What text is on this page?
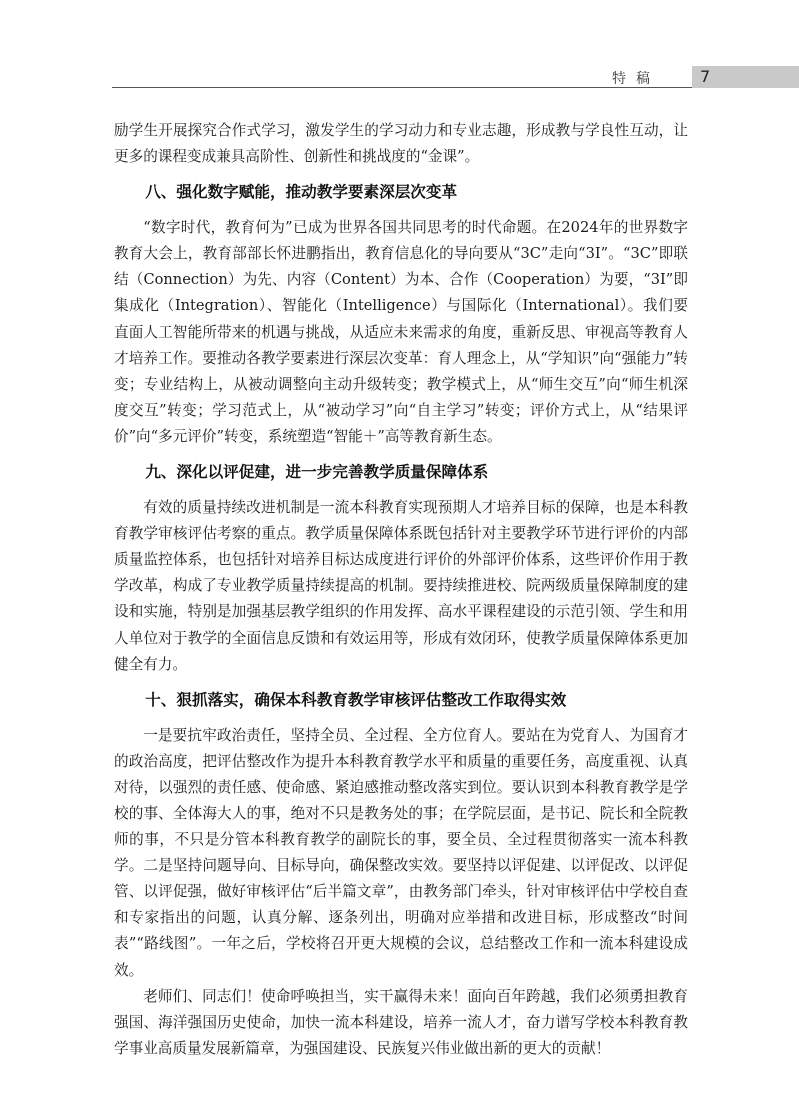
特稿	7

励学生开展探究合作式学习，激发学生的学习动力和专业志趣，形成教与学良性互动，让更多的课程变成兼具高阶性、创新性和挑战度的“金课”。

八、强化数字赋能，推动教学要素深层次变革

“数字时代，教育何为”已成为世界各国共同思考的时代命题。在2024年的世界数字教育大会上，教育部部长怀进鹏指出，教育信息化的导向要从“3C”走向“3I”。“3C”即联结（Connection）为先、内容（Content）为本、合作（Cooperation）为要，“3I”即集成化（Integration）、智能化（Intelligence）与国际化（International）。我们要直面人工智能所带来的机遇与挑战，从适应未来需求的角度，重新反思、审视高等教育人才培养工作。要推动各教学要素进行深层次变革：育人理念上，从“学知识”向“强能力”转变；专业结构上，从被动调整向主动升级转变；教学模式上，从“师生交互”向“师生机深度交互”转变；学习范式上，从“被动学习”向“自主学习”转变；评价方式上，从“结果评价”向“多元评价”转变，系统塑造“智能＋”高等教育新生态。

九、深化以评促建，进一步完善教学质量保障体系

有效的质量持续改进机制是一流本科教育实现预期人才培养目标的保障，也是本科教育教学审核评估考察的重点。教学质量保障体系既包括针对主要教学环节进行评价的内部质量监控体系，也包括针对培养目标达成度进行评价的外部评价体系，这些评价作用于教学改革，构成了专业教学质量持续提高的机制。要持续推进校、院两级质量保障制度的建设和实施，特别是加强基层教学组织的作用发挥、高水平课程建设的示范引领、学生和用人单位对于教学的全面信息反馈和有效运用等，形成有效闭环，使教学质量保障体系更加健全有力。

十、狠抓落实，确保本科教育教学审核评估整改工作取得实效

一是要抗牢政治责任，坚持全员、全过程、全方位育人。要站在为党育人、为国育才的政治高度，把评估整改作为提升本科教育教学水平和质量的重要任务，高度重视、认真对待，以强烈的责任感、使命感、紧迫感推动整改落实到位。要认识到本科教育教学是学校的事、全体海大人的事，绝对不只是教务处的事；在学院层面，是书记、院长和全院教师的事，不只是分管本科教育教学的副院长的事，要全员、全过程贯彻落实一流本科教学。二是坚持问题导向、目标导向，确保整改实效。要坚持以评促建、以评促改、以评促管、以评促强，做好审核评估“后半篇文章”，由教务部门牵头，针对审核评估中学校自查和专家指出的问题，认真分解、逐条列出，明确对应举措和改进目标，形成整改“时间表”“路线图”。一年之后，学校将召开更大规模的会议，总结整改工作和一流本科建设成效。

老师们、同志们！使命呼唤担当，实干赢得未来！面向百年跨越，我们必须勇担教育强国、海洋强国历史使命，加快一流本科建设，培养一流人才，奋力谱写学校本科教育教学事业高质量发展新篇章，为强国建设、民族复兴伟业做出新的更大的贡献！
